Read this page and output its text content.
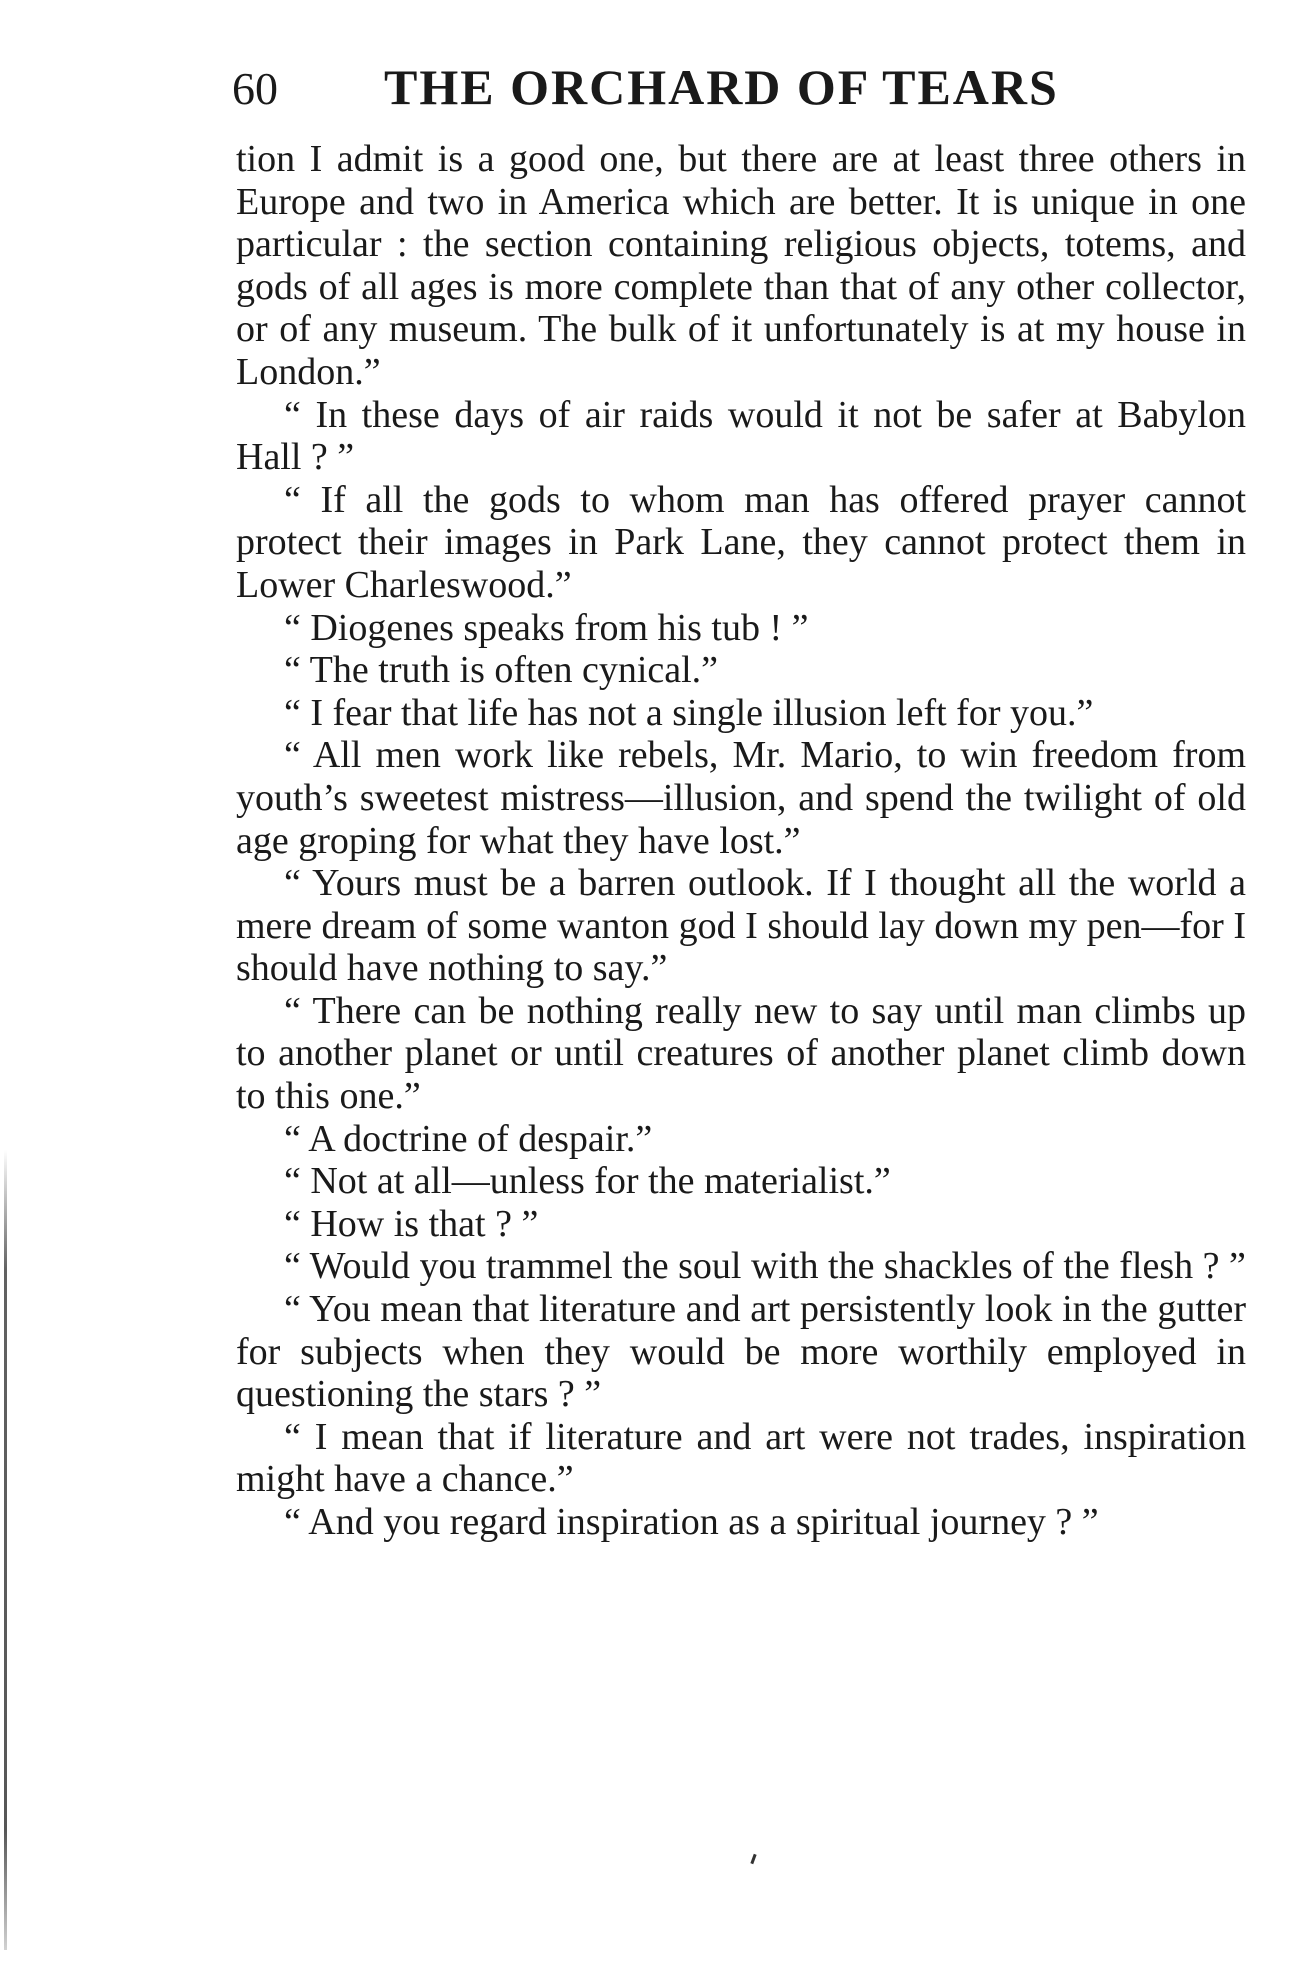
60 THE ORCHARD OF TEARS

tion I admit is a good one, but there are at least three others in Europe and two in America which are better. It is unique in one particular : the section containing religious objects, totems, and gods of all ages is more complete than that of any other collector, or of any museum. The bulk of it unfortunately is at my house in London.”

“ In these days of air raids would it not be safer at Babylon Hall ? ”

“ If all the gods to whom man has offered prayer cannot protect their images in Park Lane, they cannot protect them in Lower Charleswood.”

“ Diogenes speaks from his tub ! ”

“ The truth is often cynical.”

“ I fear that life has not a single illusion left for you.”

“ All men work like rebels, Mr. Mario, to win freedom from youth’s sweetest mistress—illusion, and spend the twilight of old age groping for what they have lost.”

“ Yours must be a barren outlook. If I thought all the world a mere dream of some wanton god I should lay down my pen—for I should have nothing to say.”

“ There can be nothing really new to say until man climbs up to another planet or until creatures of another planet climb down to this one.”

“ A doctrine of despair.”

“ Not at all—unless for the materialist.”

“ How is that ? ”

“ Would you trammel the soul with the shackles of the flesh ? ”

“ You mean that literature and art persistently look in the gutter for subjects when they would be more worthily employed in questioning the stars ? ”

“ I mean that if literature and art were not trades, inspiration might have a chance.”

“ And you regard inspiration as a spiritual journey ? ”
